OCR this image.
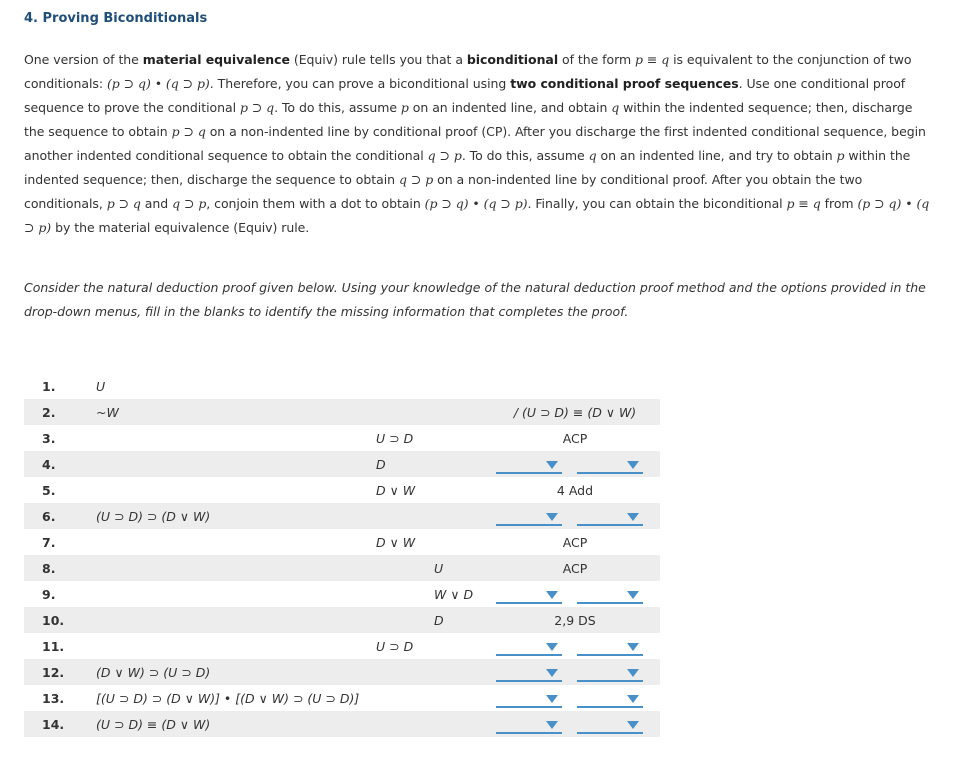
4. Proving Biconditionals
One version of the material equivalence (Equiv) rule tells you that a biconditional of the form p ≡ q is equivalent to the conjunction of two conditionals: (p ⊃ q) • (q ⊃ p). Therefore, you can prove a biconditional using two conditional proof sequences. Use one conditional proof sequence to prove the conditional p ⊃ q. To do this, assume p on an indented line, and obtain q within the indented sequence; then, discharge the sequence to obtain p ⊃ q on a non-indented line by conditional proof (CP). After you discharge the first indented conditional sequence, begin another indented conditional sequence to obtain the conditional q ⊃ p. To do this, assume q on an indented line, and try to obtain p within the indented sequence; then, discharge the sequence to obtain q ⊃ p on a non-indented line by conditional proof. After you obtain the two conditionals, p ⊃ q and q ⊃ p, conjoin them with a dot to obtain (p ⊃ q) • (q ⊃ p). Finally, you can obtain the biconditional p ≡ q from (p ⊃ q) • (q ⊃ p) by the material equivalence (Equiv) rule.
Consider the natural deduction proof given below. Using your knowledge of the natural deduction proof method and the options provided in the drop-down menus, fill in the blanks to identify the missing information that completes the proof.
1.	U
2.	~W	/ (U ⊃ D) ≡ (D ∨ W)
3.	U ⊃ D	ACP
4.	D
5.	D ∨ W	4 Add
6.	(U ⊃ D) ⊃ (D ∨ W)
7.	D ∨ W	ACP
8.	U	ACP
9.	W ∨ D
10.	D	2,9 DS
11.	U ⊃ D
12.	(D ∨ W) ⊃ (U ⊃ D)
13.	[(U ⊃ D) ⊃ (D ∨ W)] • [(D ∨ W) ⊃ (U ⊃ D)]
14.	(U ⊃ D) ≡ (D ∨ W)
